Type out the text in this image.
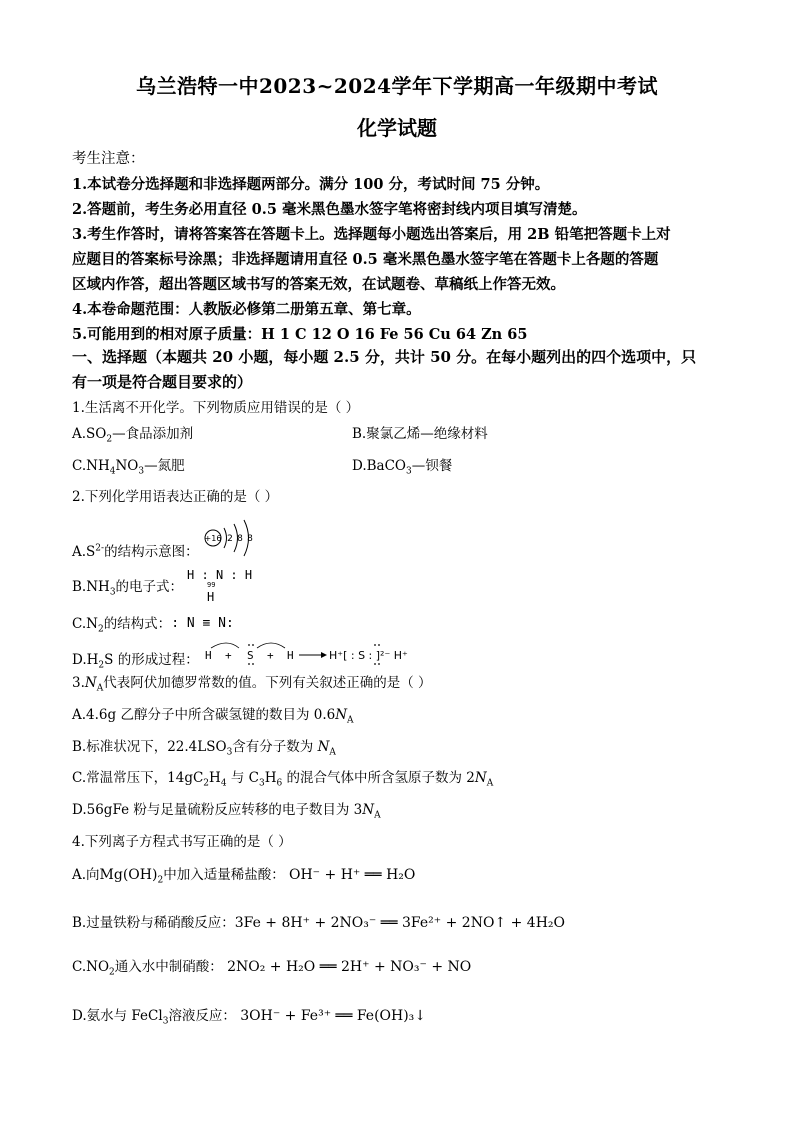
乌兰浩特一中2023~2024学年下学期高一年级期中考试
化学试题
考生注意：
1.本试卷分选择题和非选择题两部分。满分 100 分，考试时间 75 分钟。
2.答题前，考生务必用直径 0.5 毫米黑色墨水签字笔将密封线内项目填写清楚。
3.考生作答时，请将答案答在答题卡上。选择题每小题选出答案后，用 2B 铅笔把答题卡上对
应题目的答案标号涂黑；非选择题请用直径 0.5 毫米黑色墨水签字笔在答题卡上各题的答题
区域内作答，超出答题区域书写的答案无效，在试题卷、草稿纸上作答无效。
4.本卷命题范围：人教版必修第二册第五章、第七章。
5.可能用到的相对原子质量：H 1 C 12 O 16 Fe 56 Cu 64 Zn 65
一、选择题（本题共 20 小题，每小题 2.5 分，共计 50 分。在每小题列出的四个选项中，只
有一项是符合题目要求的）
1.生活离不开化学。下列物质应用错误的是（ ）
$A.SO_2—$食品添加剂	B.聚氯乙烯—绝缘材料
$C.NH_4NO_3—$氮肥	D.BaCO$_3$—钡餐
2.下列化学用语表达正确的是（ ）
$A.S^{2-}$的结构示意图：
+16 2 8 8
$B.NH_3$的电子式：
H : N : H
99
H
$C.N_2$的结构式： : N ≡ N:
$D.H_2S$ 的形成过程： H + S + H	H⁺[ : S : ]²⁻ H⁺
$3.N_A$代表阿伏加德罗常数的值。下列有关叙述正确的是（ ）
A.4.6g 乙醇分子中所含碳氢键的数目为 $0.6N_A$
B.标准状况下，$22.4LSO_3$含有分子数为 $N_A$
C.常温常压下，$14gC_2H_4$ 与 $C_3H_6$ 的混合气体中所含氢原子数为 $2N_A$
D.56gFe 粉与足量硫粉反应转移的电子数目为 $3N_A$
4.下列离子方程式书写正确的是（ ）
A.向$Mg(OH)_2$中加入适量稀盐酸： OH⁻ + H⁺ ══ H₂O
B.过量铁粉与稀硝酸反应：3Fe + 8H⁺ + 2NO₃⁻ ══ 3Fe²⁺ + 2NO↑ + 4H₂O
$C.NO_2$通入水中制硝酸： 2NO₂ + H₂O ══ 2H⁺ + NO₃⁻ + NO
D.氨水与 FeCl$_3$溶液反应： 3OH⁻ + Fe³⁺ ══ Fe(OH)₃↓
